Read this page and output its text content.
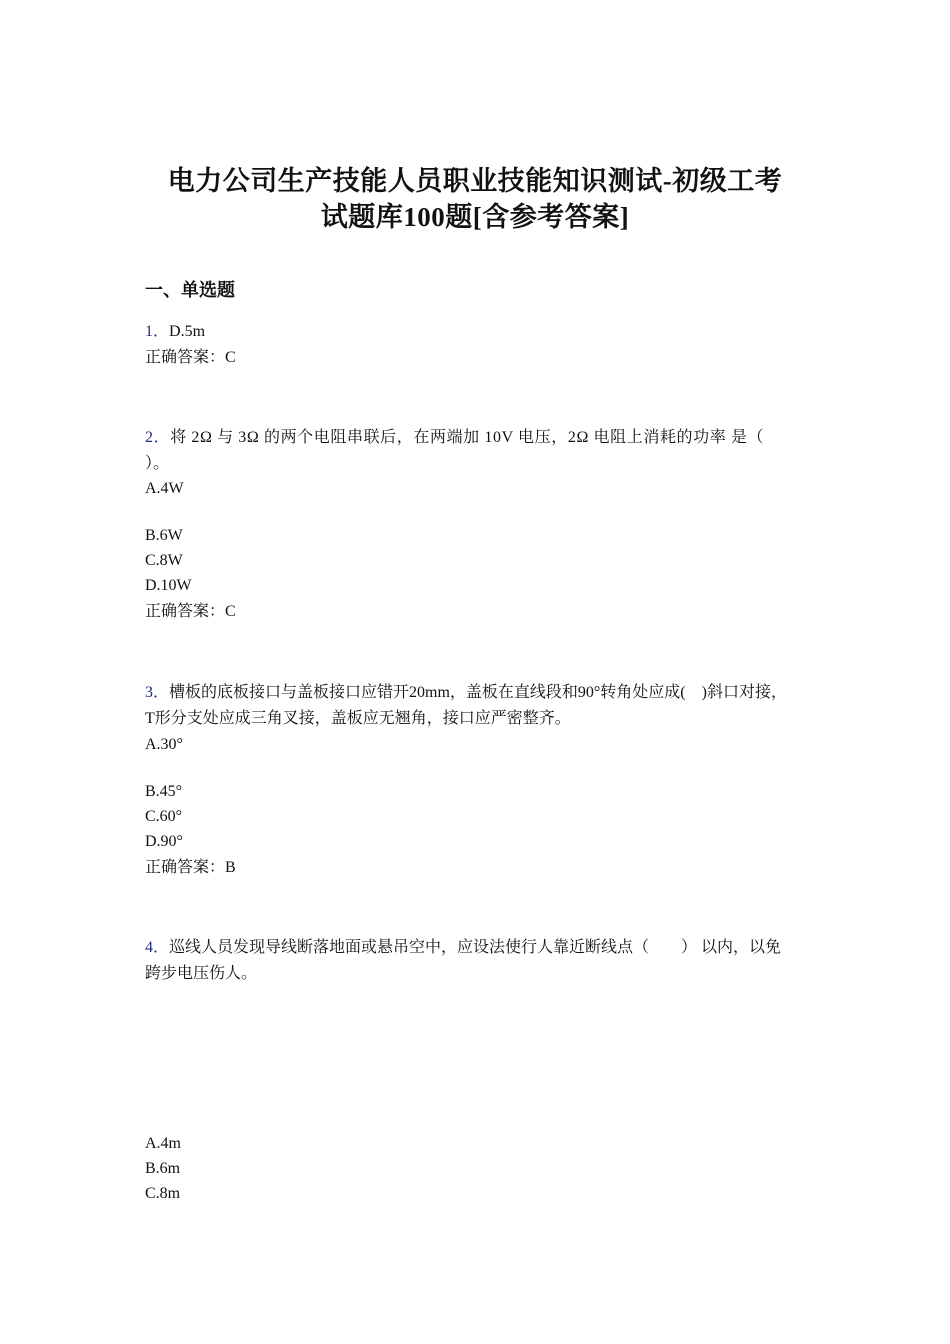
电力公司生产技能人员职业技能知识测试-初级工考
试题库100题[含参考答案]
一、单选题
1．D.5m
正确答案：C
2．将 2Ω 与 3Ω 的两个电阻串联后，在两端加 10V 电压，2Ω 电阻上消耗的功率 是（
）。
A.4W
B.6W
C.8W
D.10W
正确答案：C
3．槽板的底板接口与盖板接口应错开20mm，盖板在直线段和90°转角处应成(　)斜口对接，
T形分支处应成三角叉接，盖板应无翘角，接口应严密整齐。
A.30°
B.45°
C.60°
D.90°
正确答案：B
4．巡线人员发现导线断落地面或悬吊空中，应设法使行人靠近断线点（　　） 以内，以免
跨步电压伤人。
A.4m
B.6m
C.8m
